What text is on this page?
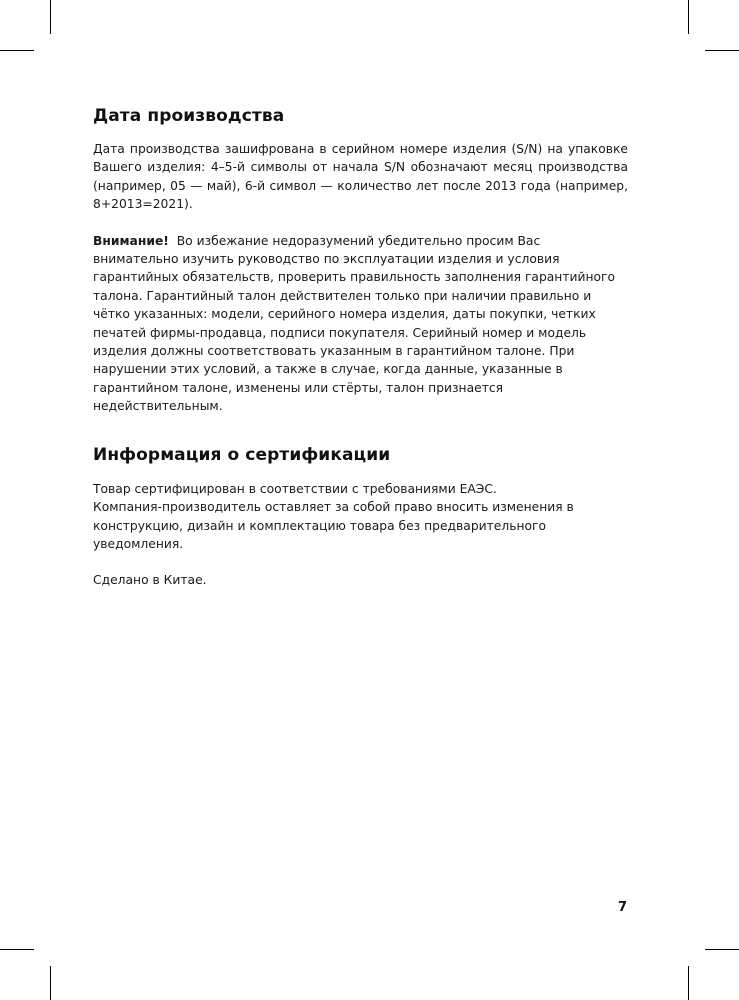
Дата производства

Дата производства зашифрована в серийном номере изделия (S/N) на упаковке Вашего изделия: 4–5-й символы от начала S/N обозначают месяц производства (например, 05 — май), 6-й символ — количество лет после 2013 года (например, 8+2013=2021).

Внимание! Во избежание недоразумений убедительно просим Вас внимательно изучить руководство по эксплуатации изделия и условия гарантийных обязательств, проверить правильность заполнения гарантийного талона. Гарантийный талон действителен только при наличии правильно и чётко указанных: модели, серийного номера изделия, даты покупки, четких печатей фирмы-продавца, подписи покупателя. Серийный номер и модель изделия должны соответствовать указанным в гарантийном талоне. При нарушении этих условий, а также в случае, когда данные, указанные в гарантийном талоне, изменены или стёрты, талон признается недействительным.

Информация о сертификации

Товар сертифицирован в соответствии с требованиями ЕАЭС.

Компания-производитель оставляет за собой право вносить изменения в конструкцию, дизайн и комплектацию товара без предварительного уведомления.

Сделано в Китае.

7
